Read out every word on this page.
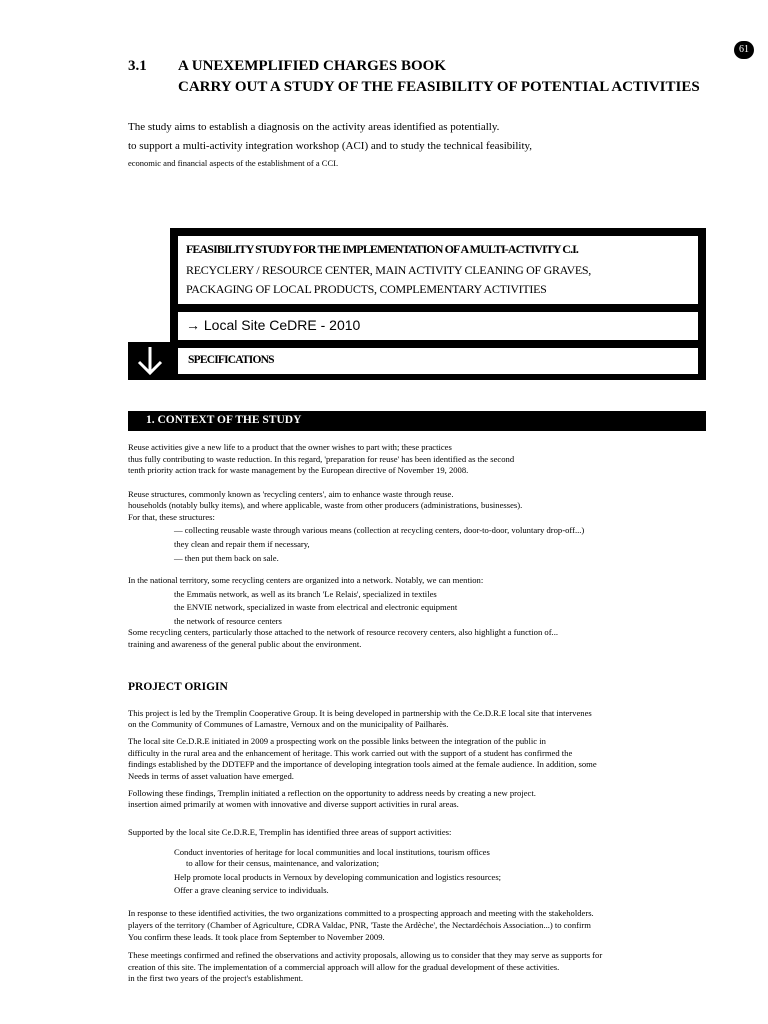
61
3.1 A UNEXEMPLIFIED CHARGES BOOK
CARRY OUT A STUDY OF THE FEASIBILITY OF POTENTIAL ACTIVITIES
The study aims to establish a diagnosis on the activity areas identified as potentially.
to support a multi-activity integration workshop (ACI) and to study the technical feasibility,
economic and financial aspects of the establishment of a CCI.
FEASIBILITY STUDY FOR THE IMPLEMENTATION OF A MULTI-ACTIVITY C.I.
RECYCLERY / RESOURCE CENTER, MAIN ACTIVITY CLEANING OF GRAVES,
PACKAGING OF LOCAL PRODUCTS, COMPLEMENTARY ACTIVITIES
→ Local Site CeDRE - 2010
SPECIFICATIONS
1. CONTEXT OF THE STUDY
Reuse activities give a new life to a product that the owner wishes to part with; these practices
thus fully contributing to waste reduction. In this regard, 'preparation for reuse' has been identified as the second
tenth priority action track for waste management by the European directive of November 19, 2008.
Reuse structures, commonly known as 'recycling centers', aim to enhance waste through reuse.
households (notably bulky items), and where applicable, waste from other producers (administrations, businesses).
For that, these structures:
— collecting reusable waste through various means (collection at recycling centers, door-to-door, voluntary drop-off...)
they clean and repair them if necessary,
— then put them back on sale.
In the national territory, some recycling centers are organized into a network. Notably, we can mention:
the Emmaüs network, as well as its branch 'Le Relais', specialized in textiles
the ENVIE network, specialized in waste from electrical and electronic equipment
the network of resource centers
Some recycling centers, particularly those attached to the network of resource recovery centers, also highlight a function of...
training and awareness of the general public about the environment.
PROJECT ORIGIN
This project is led by the Tremplin Cooperative Group. It is being developed in partnership with the Ce.D.R.E local site that intervenes
on the Community of Communes of Lamastre, Vernoux and on the municipality of Pailharès.
The local site Ce.D.R.E initiated in 2009 a prospecting work on the possible links between the integration of the public in
difficulty in the rural area and the enhancement of heritage. This work carried out with the support of a student has confirmed the
findings established by the DDTEFP and the importance of developing integration tools aimed at the female audience. In addition, some
Needs in terms of asset valuation have emerged.
Following these findings, Tremplin initiated a reflection on the opportunity to address needs by creating a new project.
insertion aimed primarily at women with innovative and diverse support activities in rural areas.
Supported by the local site Ce.D.R.E, Tremplin has identified three areas of support activities:
Conduct inventories of heritage for local communities and local institutions, tourism offices
to allow for their census, maintenance, and valorization;
Help promote local products in Vernoux by developing communication and logistics resources;
Offer a grave cleaning service to individuals.
In response to these identified activities, the two organizations committed to a prospecting approach and meeting with the stakeholders.
players of the territory (Chamber of Agriculture, CDRA Valdac, PNR, 'Taste the Ardèche', the Nectardéchois Association...) to confirm
You confirm these leads. It took place from September to November 2009.
These meetings confirmed and refined the observations and activity proposals, allowing us to consider that they may serve as supports for
creation of this site. The implementation of a commercial approach will allow for the gradual development of these activities.
in the first two years of the project's establishment.
